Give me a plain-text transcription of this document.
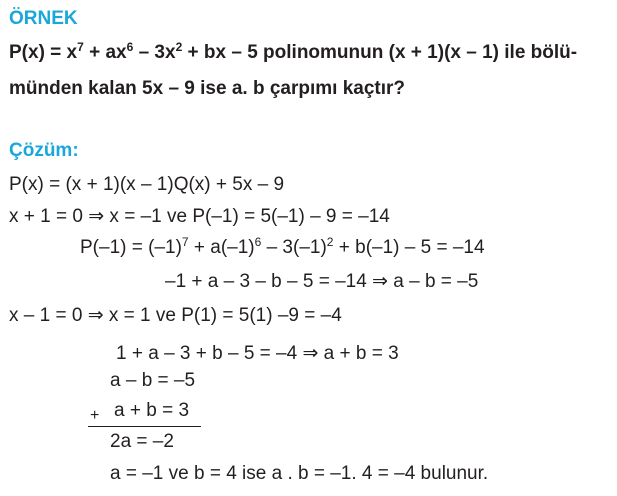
ÖRNEK
$P(x) = x^7 + ax^6 - 3x^2$ + bx – 5 polinomunun (x + 1)(x – 1) ile bölü-
münden kalan 5x – 9 ise a. b çarpımı kaçtır?
Çözüm:
P(x) = (x + 1)(x – 1)Q(x) + 5x – 9
x + 1 = 0 ⇒ x = –1 ve P(–1) = 5(–1) – 9 = –14
$P(-1) = (-1)^7 + a(-1)^6 - 3(-1)^2 + b(-1) - 5 = -14$
–1 + a – 3 – b – 5 = –14 ⇒ a – b = –5
x – 1 = 0 ⇒ x = 1 ve P(1) = 5(1) –9 = –4
1 + a – 3 + b – 5 = –4 ⇒ a + b = 3
a – b = –5
+ a + b = 3
2a = –2
a = –1 ve b = 4 ise a . b = –1. 4 = –4 bulunur.
